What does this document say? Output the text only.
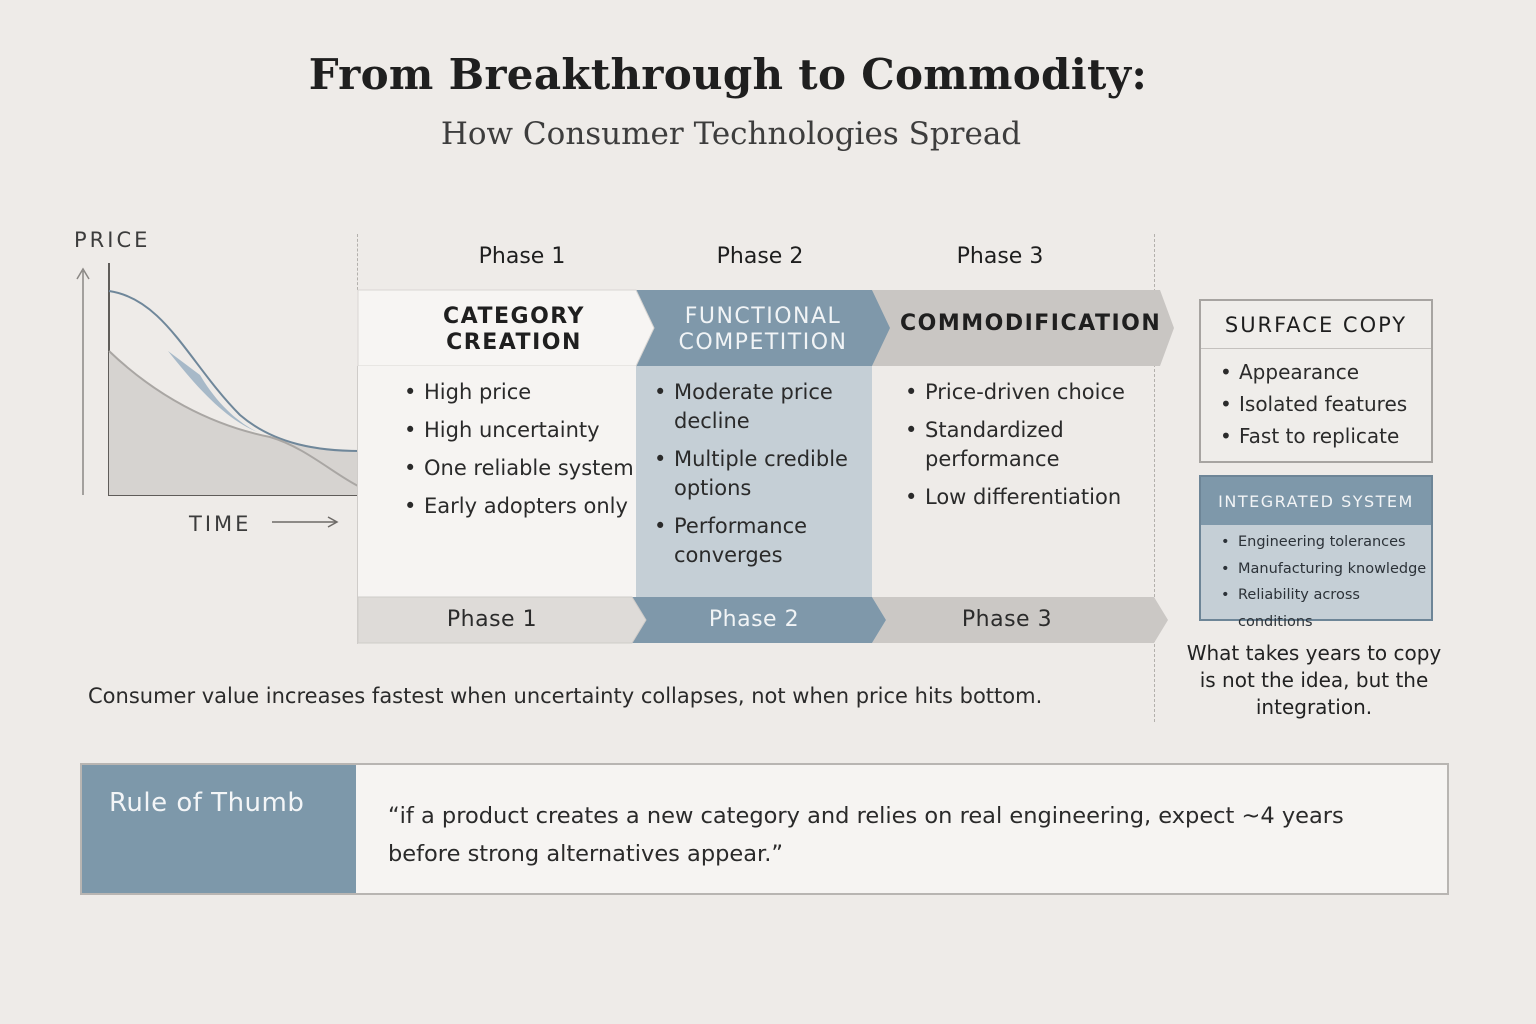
From Breakthrough to Commodity:
How Consumer Technologies Spread
PRICE
TIME
Phase 1	Phase 2	Phase 3
CATEGORY CREATION
FUNCTIONAL COMPETITION
COMMODIFICATION
• High price
• High uncertainty
• One reliable system
• Early adopters only
• Moderate price decline
• Multiple credible options
• Performance converges
• Price-driven choice
• Standardized performance
• Low differentiation
Phase 1	Phase 2	Phase 3
Consumer value increases fastest when uncertainty collapses, not when price hits bottom.
SURFACE COPY
• Appearance
• Isolated features
• Fast to replicate
INTEGRATED SYSTEM
• Engineering tolerances
• Manufacturing knowledge
• Reliability across conditions
What takes years to copy is not the idea, but the integration.
Rule of Thumb	“if a product creates a new category and relies on real engineering, expect ~4 years before strong alternatives appear.”
